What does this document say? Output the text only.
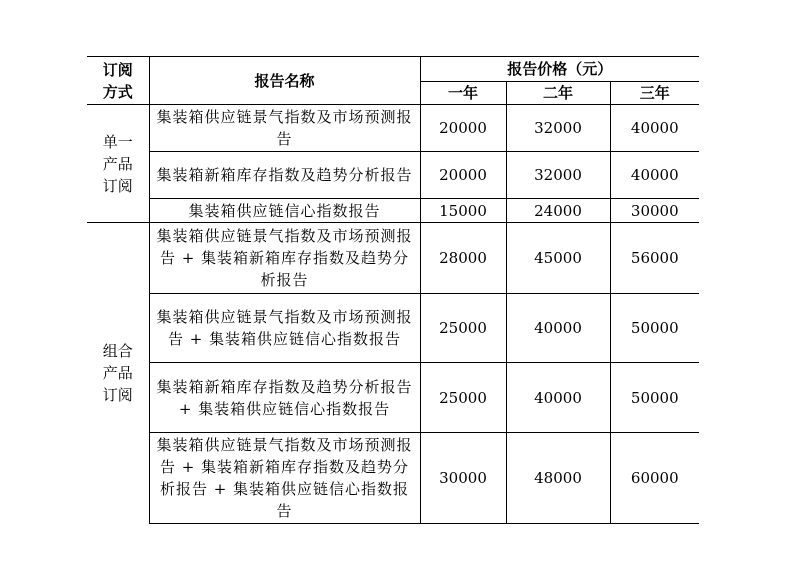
订阅方式	报告名称	报告价格（元）		
		一年	二年	三年
单一产品订阅	集装箱供应链景气指数及市场预测报告	20000	32000	40000
	集装箱新箱库存指数及趋势分析报告	20000	32000	40000
	集装箱供应链信心指数报告	15000	24000	30000
组合产品订阅	集装箱供应链景气指数及市场预测报告 + 集装箱新箱库存指数及趋势分析报告	28000	45000	56000
	集装箱供应链景气指数及市场预测报告 + 集装箱供应链信心指数报告	25000	40000	50000
	集装箱新箱库存指数及趋势分析报告 + 集装箱供应链信心指数报告	25000	40000	50000
	集装箱供应链景气指数及市场预测报告 + 集装箱新箱库存指数及趋势分析报告 + 集装箱供应链信心指数报告	30000	48000	60000
